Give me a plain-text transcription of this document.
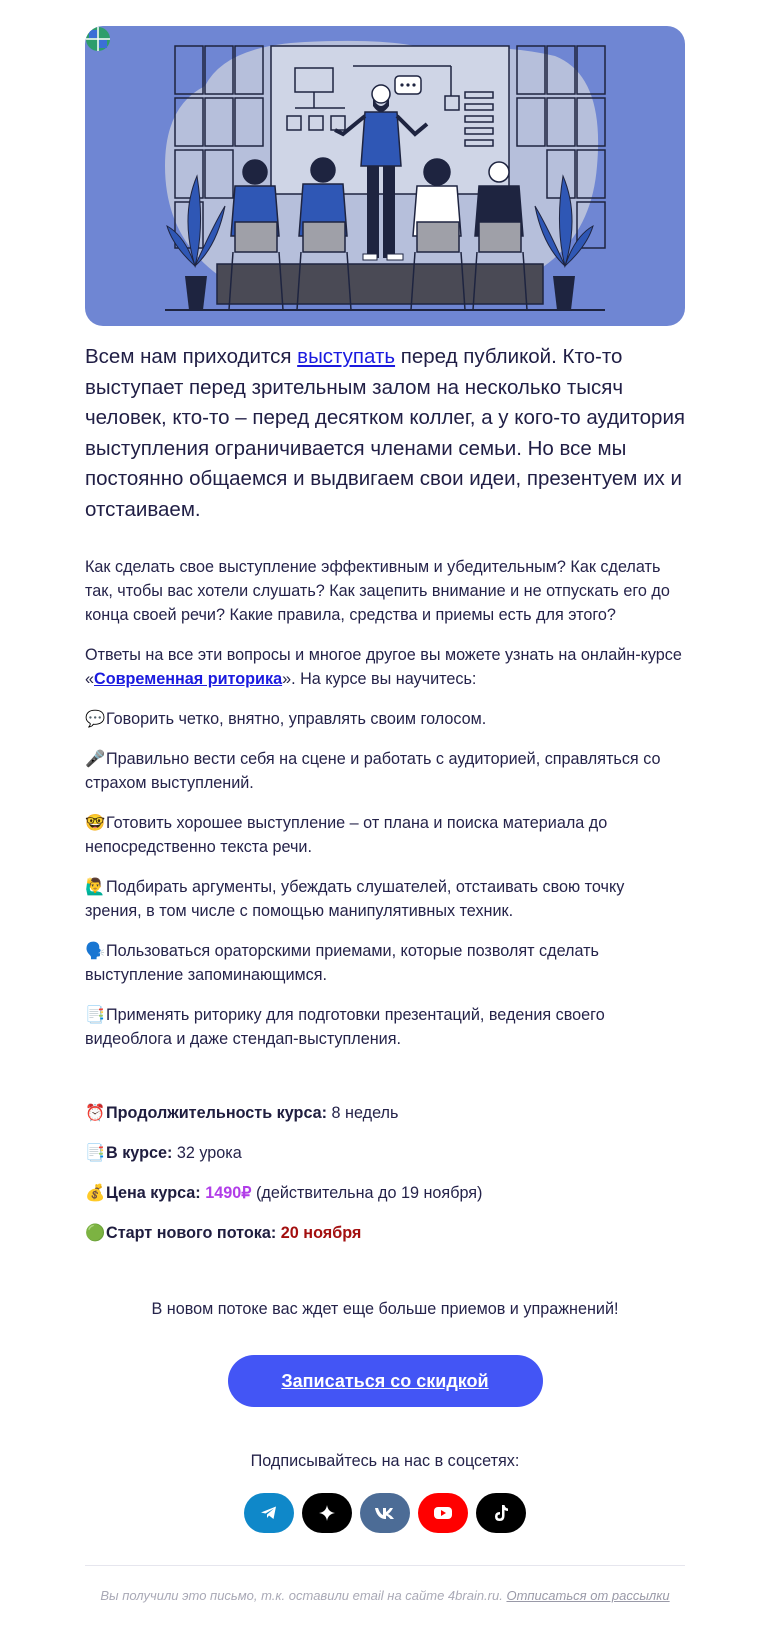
Всем нам приходится выступать перед публикой. Кто-то выступает перед зрительным залом на несколько тысяч человек, кто-то – перед десятком коллег, а у кого-то аудитория выступления ограничивается членами семьи. Но все мы постоянно общаемся и выдвигаем свои идеи, презентуем их и отстаиваем.

Как сделать свое выступление эффективным и убедительным? Как сделать так, чтобы вас хотели слушать? Как зацепить внимание и не отпускать его до конца своей речи? Какие правила, средства и приемы есть для этого?

Ответы на все эти вопросы и многое другое вы можете узнать на онлайн-курсе «Современная риторика». На курсе вы научитесь:

💬Говорить четко, внятно, управлять своим голосом.

🎤Правильно вести себя на сцене и работать с аудиторией, справляться со страхом выступлений.

🤓Готовить хорошее выступление – от плана и поиска материала до непосредственно текста речи.

🙋‍♂️Подбирать аргументы, убеждать слушателей, отстаивать свою точку зрения, в том числе с помощью манипулятивных техник.

🗣️Пользоваться ораторскими приемами, которые позволят сделать выступление запоминающимся.

📑Применять риторику для подготовки презентаций, ведения своего видеоблога и даже стендап-выступления.

⏰Продолжительность курса: 8 недель

📑В курсе: 32 урока

💰Цена курса: 1490₽ (действительна до 19 ноября)

🟢Старт нового потока: 20 ноября

В новом потоке вас ждет еще больше приемов и упражнений!

Записаться со скидкой

Подписывайтесь на нас в соцсетях:

Вы получили это письмо, т.к. оставили email на сайте 4brain.ru. Отписаться от рассылки
